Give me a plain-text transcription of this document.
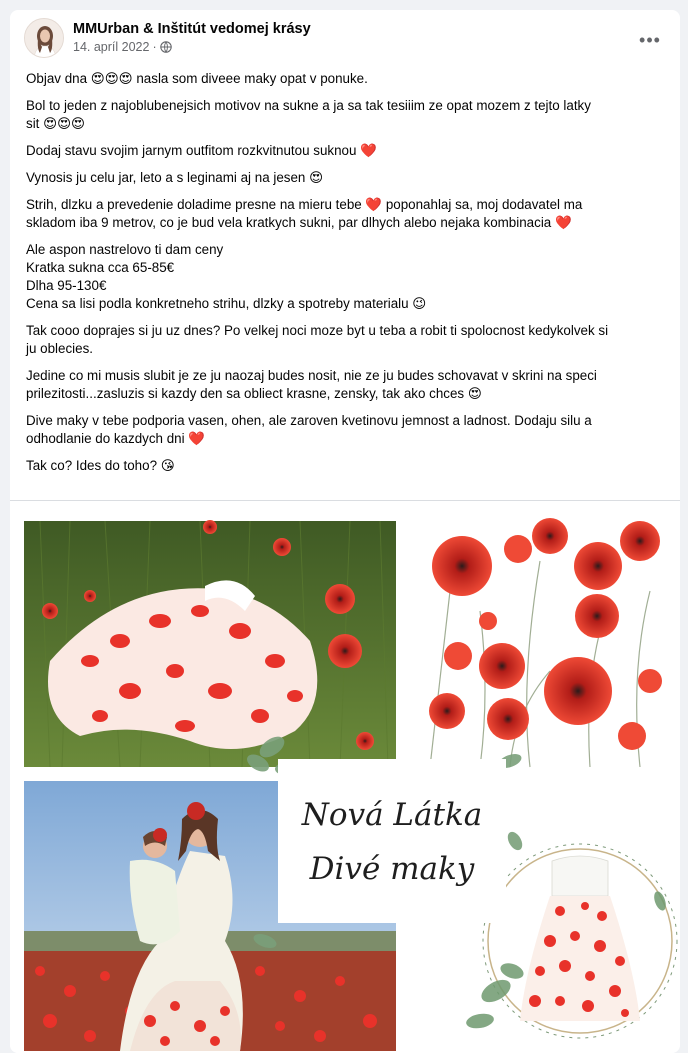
MMUrban & Inštitút vedomej krásy
14. apríl 2022 ·	•••

Objav dna 😍😍😍 nasla som diveee maky opat v ponuke.

Bol to jeden z najoblubenejsich motivov na sukne a ja sa tak tesiiim ze opat mozem z tejto latky
sit 😍😍😍

Dodaj stavu svojim jarnym outfitom rozkvitnutou suknou ❤️

Vynosis ju celu jar, leto a s leginami aj na jesen 😍

Strih, dlzku a prevedenie doladime presne na mieru tebe ❤️ poponahlaj sa, moj dodavatel ma
skladom iba 9 metrov, co je bud vela kratkych sukni, par dlhych alebo nejaka kombinacia ❤️

Ale aspon nastrelovo ti dam ceny
Kratka sukna cca 65-85€
Dlha 95-130€
Cena sa lisi podla konkretneho strihu, dlzky a spotreby materialu 😉

Tak cooo doprajes si ju uz dnes? Po velkej noci moze byt u teba a robit ti spolocnost kedykolvek si
ju oblecies.

Jedine co mi musis slubit je ze ju naozaj budes nosit, nie ze ju budes schovavat v skrini na speci
prilezitosti...zasluzis si kazdy den sa obliect krasne, zensky, tak ako chces 😍

Dive maky v tebe podporia vasen, ohen, ale zaroven kvetinovu jemnost a ladnost. Dodaju silu a
odhodlanie do kazdych dni ❤️

Tak co? Ides do toho? 😘

Nová Látka
Divé maky
